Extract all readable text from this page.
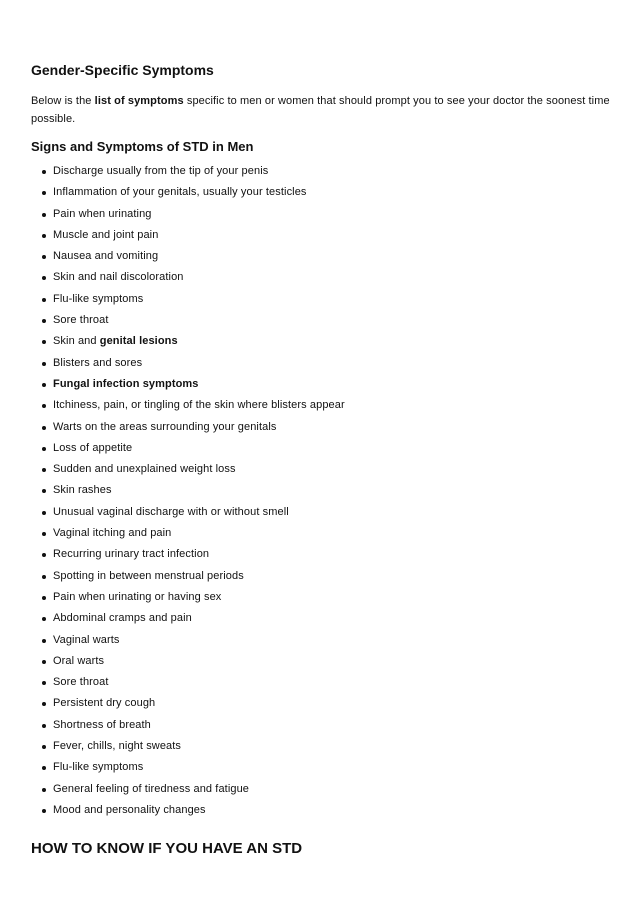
Gender-Specific Symptoms

Below is the list of symptoms specific to men or women that should prompt you to see your doctor the soonest time possible.

Signs and Symptoms of STD in Men
Discharge usually from the tip of your penis
Inflammation of your genitals, usually your testicles
Pain when urinating
Muscle and joint pain
Nausea and vomiting
Skin and nail discoloration
Flu-like symptoms
Sore throat
Skin and genital lesions
Blisters and sores
Fungal infection symptoms
Itchiness, pain, or tingling of the skin where blisters appear
Warts on the areas surrounding your genitals
Loss of appetite
Sudden and unexplained weight loss
Skin rashes
Unusual vaginal discharge with or without smell
Vaginal itching and pain
Recurring urinary tract infection
Spotting in between menstrual periods
Pain when urinating or having sex
Abdominal cramps and pain
Vaginal warts
Oral warts
Sore throat
Persistent dry cough
Shortness of breath
Fever, chills, night sweats
Flu-like symptoms
General feeling of tiredness and fatigue
Mood and personality changes
HOW TO KNOW IF YOU HAVE AN STD
